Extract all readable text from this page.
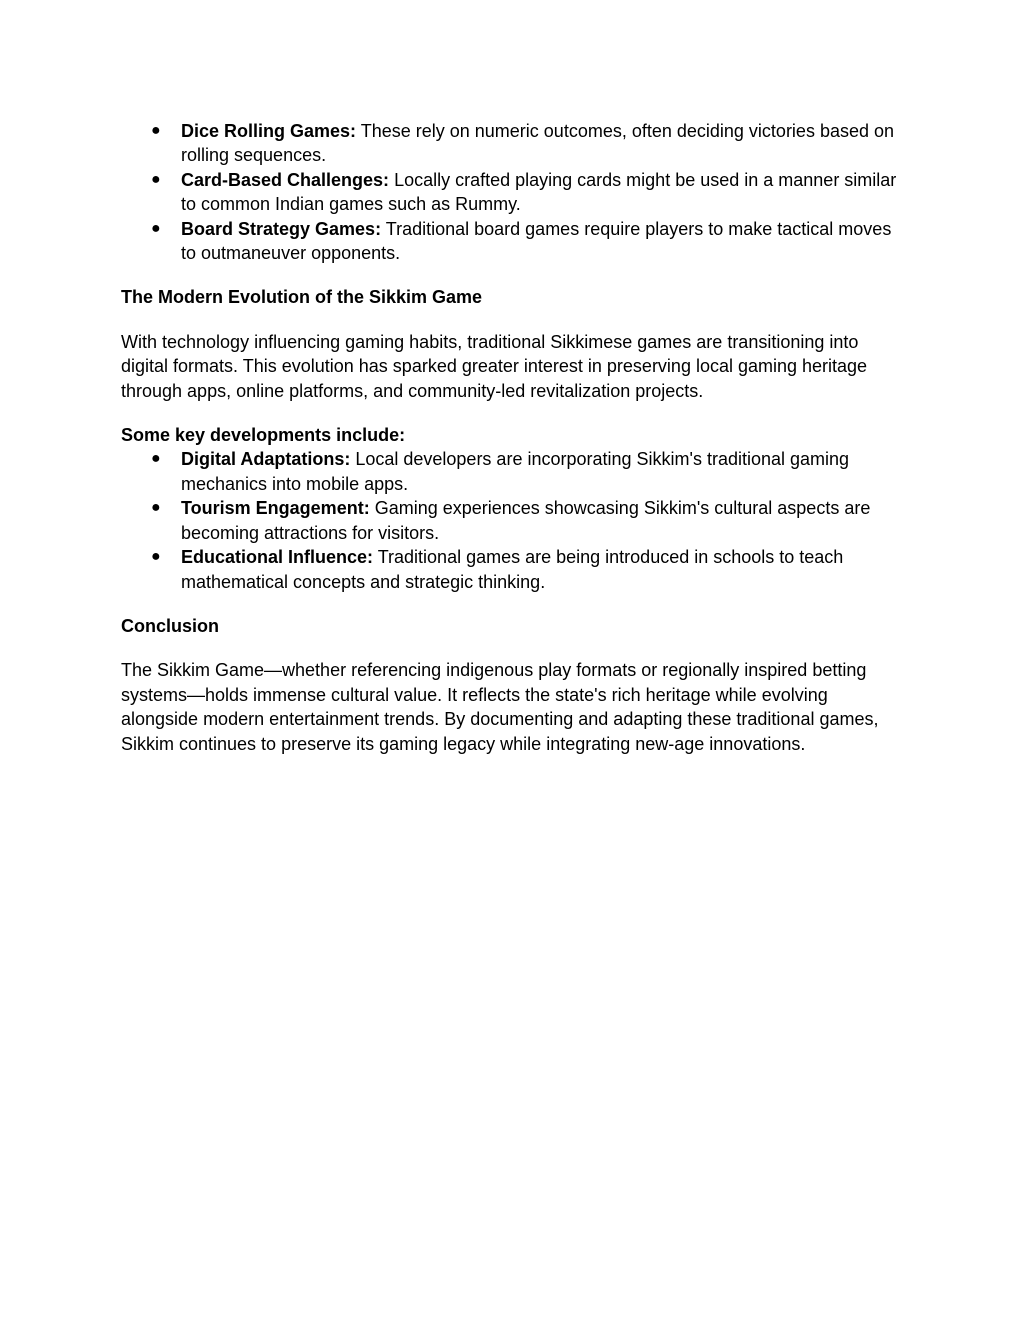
● Dice Rolling Games: These rely on numeric outcomes, often deciding victories based on rolling sequences.
● Card-Based Challenges: Locally crafted playing cards might be used in a manner similar to common Indian games such as Rummy.
● Board Strategy Games: Traditional board games require players to make tactical moves to outmaneuver opponents.
The Modern Evolution of the Sikkim Game

With technology influencing gaming habits, traditional Sikkimese games are transitioning into digital formats. This evolution has sparked greater interest in preserving local gaming heritage through apps, online platforms, and community-led revitalization projects.

Some key developments include:
● Digital Adaptations: Local developers are incorporating Sikkim's traditional gaming mechanics into mobile apps.
● Tourism Engagement: Gaming experiences showcasing Sikkim's cultural aspects are becoming attractions for visitors.
● Educational Influence: Traditional games are being introduced in schools to teach mathematical concepts and strategic thinking.
Conclusion

The Sikkim Game—whether referencing indigenous play formats or regionally inspired betting systems—holds immense cultural value. It reflects the state's rich heritage while evolving alongside modern entertainment trends. By documenting and adapting these traditional games, Sikkim continues to preserve its gaming legacy while integrating new-age innovations.
